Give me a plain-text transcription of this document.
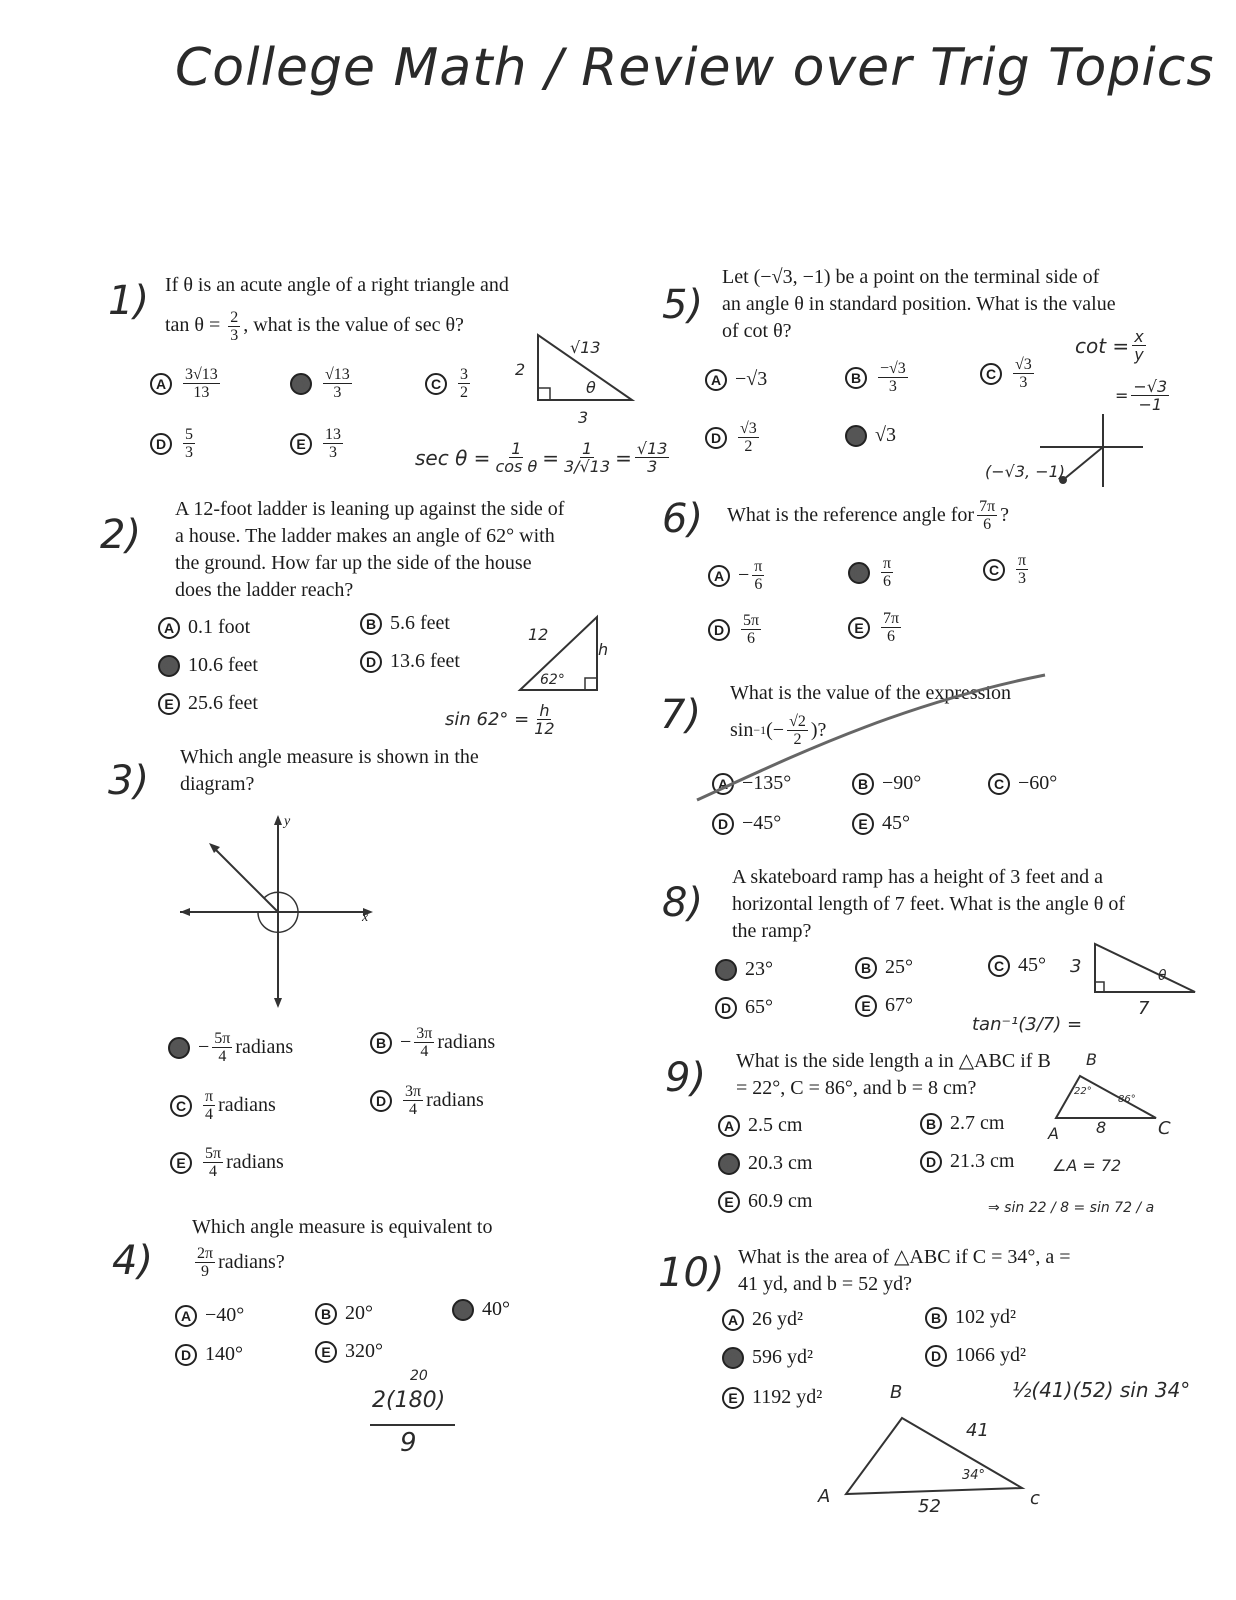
College Math / Review over Trig Topics
1) If θ is an acute angle of a right triangle and
$\tan \theta = \frac{2}{3}$ , what is the value of sec θ?
A	$\frac{3√13}{13}$	B	$\frac{√13}{3}$	C	$\frac{3}{2}$
D	$\frac{5}{3}$	E	$\frac{13}{3}$
√13
2
3
θ
$\sec \theta = \frac{1}{\text{cos θ}} = \frac{1}{3/√13} = \frac{√13}{3}$
2)
A 12-foot ladder is leaning up against the side of a house. The ladder makes an angle of 62° with the ground. How far up the side of the house does the ladder reach?
A 0.1 foot	B 5.6 feet
C 10.6 feet	D 13.6 feet
E 25.6 feet
12
h
62°
$\sin 62^\circ = \frac{h}{12}$
3)
Which angle measure is shown in the diagram?
y
x
$A - \frac{5\pi}{4}$ radians	$B - \frac{3\pi}{4}$ radians
C	$\frac{\pi}{4}$ radians	D	$\frac{3\pi}{4}$ radians
E	$\frac{5\pi}{4}$ radians
4)
Which angle measure is equivalent to
$\frac{2\pi}{9}$ radians?
A −40°	B 20°	C 40°
D 140°	E 320°
20
2(180)
9
5)
Let (−√3, −1) be a point on the terminal side of an angle θ in standard position. What is the value of cot θ?
A −√3	B	$\frac{-√3}{3}$	C	$\frac{√3}{3}$
D	$\frac{√3}{2}$	E √3
$\cot = \frac{x}{y}$
= $\frac{-√3}{-1}$
(−√3, −1)
6) What is the reference angle for $\frac{7\pi}{6}$ ?
$A - \frac{\pi}{6}$	B	$\frac{\pi}{6}$	C	$\frac{\pi}{3}$
D	$\frac{5\pi}{6}$	E	$\frac{7\pi}{6}$
7) What is the value of the expression
sin −1 (− $\frac{√2}{2}$ )?
A −135°	B −90°	C −60°
D −45°	E 45°
8)
A skateboard ramp has a height of 3 feet and a horizontal length of 7 feet. What is the angle θ of the ramp?
A 23°	B 25°	C 45°
D 65°	E 67°
3
7
θ
tan⁻¹(3/7) =
9) What is the side length a in △ABC if B = 22°, C = 86°, and b = 8 cm?
A 2.5 cm	B 2.7 cm
C 20.3 cm	D 21.3 cm
E 60.9 cm
B
A	C
22°
86°
8
∠A = 72
⇒ sin 22 / 8 = sin 72 / a
10) What is the area of △ABC if C = 34°, a = 41 yd, and b = 52 yd?
A 26 yd²	B 102 yd²
C 596 yd²	D 1066 yd²
E 1192 yd²	½(41)(52) sin 34°
B
A	c
41
52
34°
